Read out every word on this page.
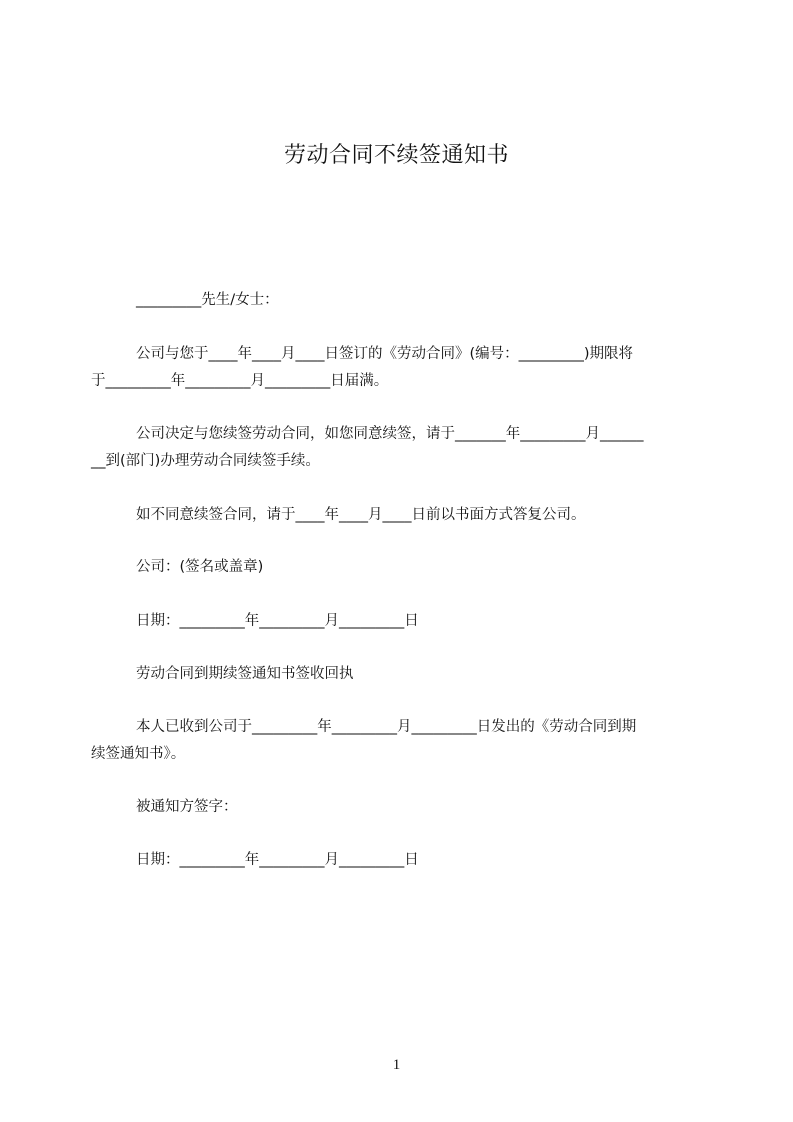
劳动合同不续签通知书
_________先生/女士：
公司与您于____年____月____日签订的《劳动合同》(编号：_________)期限将
于_________年_________月_________日届满。
公司决定与您续签劳动合同，如您同意续签，请于_______年_________月______
__到(部门)办理劳动合同续签手续。
如不同意续签合同，请于____年____月____日前以书面方式答复公司。
公司：(签名或盖章)
日期：_________年_________月_________日
劳动合同到期续签通知书签收回执
本人已收到公司于_________年_________月_________日发出的《劳动合同到期
续签通知书》。
被通知方签字：
日期：_________年_________月_________日
1
